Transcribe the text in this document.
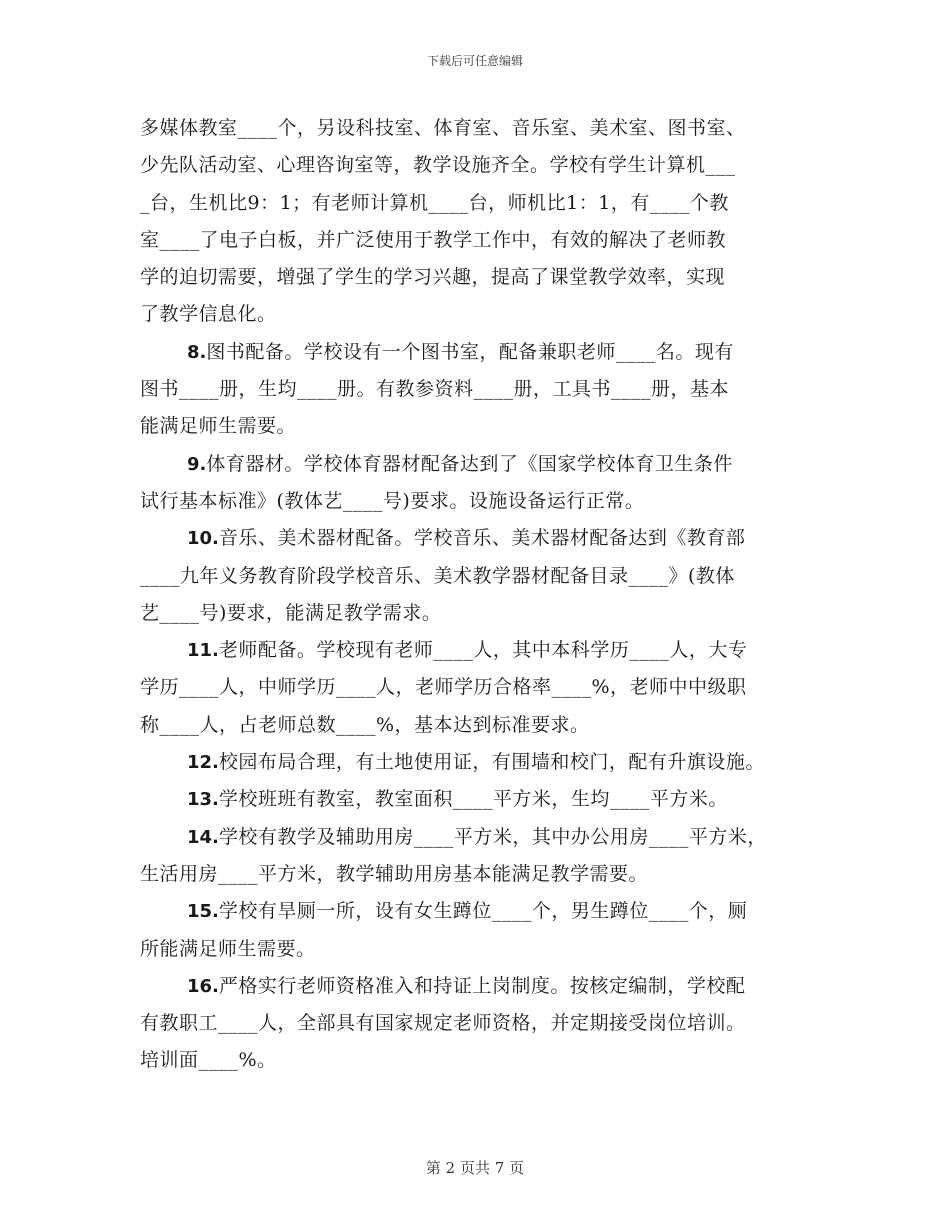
下载后可任意编辑
多媒体教室____个，另设科技室、体育室、音乐室、美术室、图书室、
少先队活动室、心理咨询室等，教学设施齐全。学校有学生计算机___
_台，生机比9：1；有老师计算机____台，师机比1：1，有____个教
室____了电子白板，并广泛使用于教学工作中，有效的解决了老师教
学的迫切需要，增强了学生的学习兴趣，提高了课堂教学效率，实现
了教学信息化。
8.图书配备。学校设有一个图书室，配备兼职老师____名。现有
图书____册，生均____册。有教参资料____册，工具书____册，基本
能满足师生需要。
9.体育器材。学校体育器材配备达到了《国家学校体育卫生条件
试行基本标准》(教体艺____号)要求。设施设备运行正常。
10.音乐、美术器材配备。学校音乐、美术器材配备达到《教育部
____九年义务教育阶段学校音乐、美术教学器材配备目录____》(教体
艺____号)要求，能满足教学需求。
11.老师配备。学校现有老师____人，其中本科学历____人，大专
学历____人，中师学历____人，老师学历合格率____%，老师中中级职
称____人，占老师总数____%，基本达到标准要求。
12.校园布局合理，有土地使用证，有围墙和校门，配有升旗设施。
13.学校班班有教室，教室面积____平方米，生均____平方米。
14.学校有教学及辅助用房____平方米，其中办公用房____平方米，
生活用房____平方米，教学辅助用房基本能满足教学需要。
15.学校有旱厕一所，设有女生蹲位____个，男生蹲位____个，厕
所能满足师生需要。
16.严格实行老师资格准入和持证上岗制度。按核定编制，学校配
有教职工____人，全部具有国家规定老师资格，并定期接受岗位培训。
培训面____%。
第 2 页共 7 页
